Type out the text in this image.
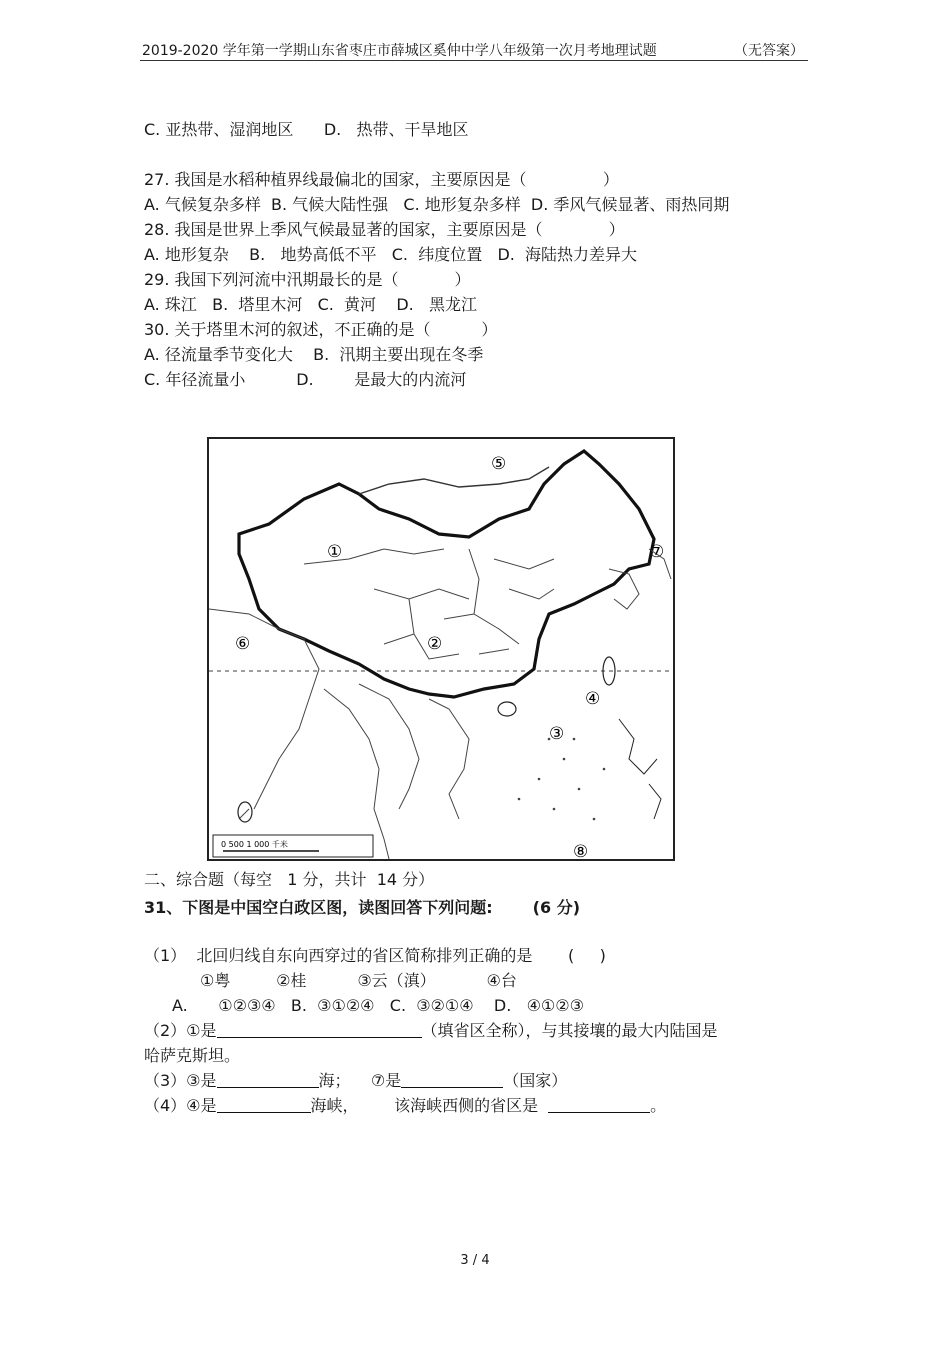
2019-2020 学年第一学期山东省枣庄市薛城区奚仲中学八年级第一次月考地理试题	（无答案）
C. 亚热带、湿润地区      D.   热带、干旱地区
27. 我国是水稻种植界线最偏北的国家，主要原因是（               ）
A. 气候复杂多样  B. 气候大陆性强   C. 地形复杂多样  D. 季风气候显著、雨热同期
28. 我国是世界上季风气候最显著的国家，主要原因是（             ）
A. 地形复杂    B.   地势高低不平   C.  纬度位置   D.  海陆热力差异大
29. 我国下列河流中汛期最长的是（           ）
A. 珠江   B.  塔里木河   C.  黄河    D.   黑龙江
30. 关于塔里木河的叙述，不正确的是（          ）
A. 径流量季节变化大    B.  汛期主要出现在冬季
C. 年径流量小          D.        是最大的内流河
①
②
③
④
⑤
⑥
⑦
⑧
0 500 1 000 千米
二、综合题（每空   1 分，共计  14 分）
31、下图是中国空白政区图，读图回答下列问题:	(6 分)
（1）  北回归线自东向西穿过的省区简称排列正确的是       (     )
①粤         ②桂          ③云（滇）          ④台
A.      ①②③④   B.  ③①②④   C.  ③②①④    D.   ④①②③
（2）①是	（填省区全称），与其接壤的最大内陆国是
哈萨克斯坦。
（3）③是	海；    ⑦是	（国家）
（4）④是	海峡，       该海峡西侧的省区是	。
3 / 4
